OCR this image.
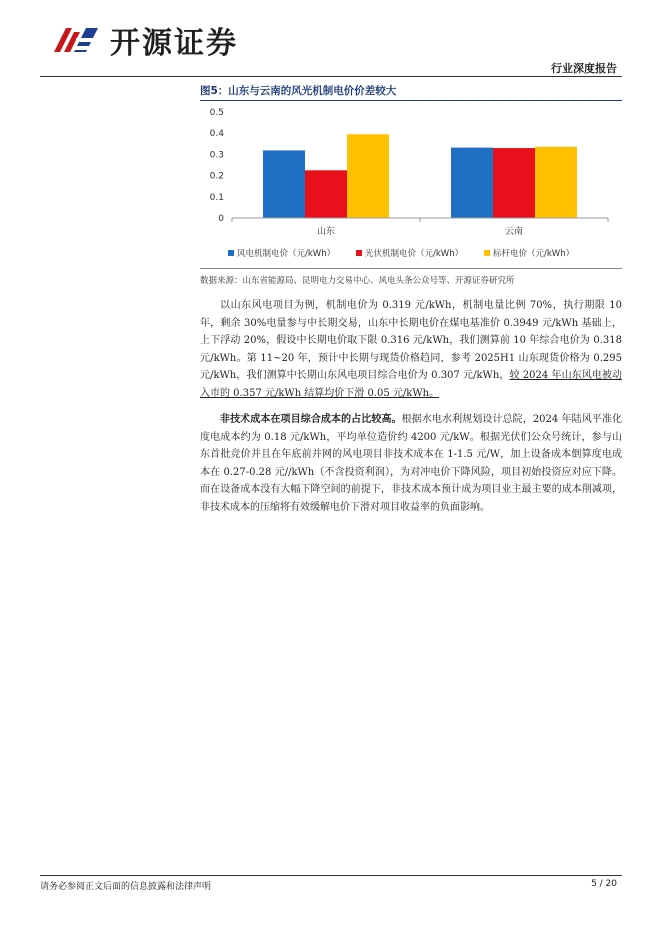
开源证券
行业深度报告
图5：山东与云南的风光机制电价价差较大
0.5
0.4
0.3
0.2
0.1
0
山东	云南
风电机制电价（元/kWh）	光伏机制电价（元/kWh）	标杆电价（元/kWh）
数据来源：山东省能源局、昆明电力交易中心、风电头条公众号等、开源证券研究所

以山东风电项目为例，机制电价为 0.319 元/kWh，机制电量比例 70%，执行期限 10 年，剩余 30%电量参与中长期交易，山东中长期电价在煤电基准价 0.3949 元/kWh 基础上，上下浮动 20%，假设中长期电价取下限 0.316 元/kWh，我们测算前 10 年综合电价为 0.318 元/kWh。第 11~20 年，预计中长期与现货价格趋同，参考 2025H1 山东现货价格为 0.295 元/kWh，我们测算中长期山东风电项目综合电价为 0.307 元/kWh，较 2024 年山东风电被动入市的 0.357 元/kWh 结算均价下滑 0.05 元/kWh。

非技术成本在项目综合成本的占比较高。根据水电水利规划设计总院，2024 年陆风平准化度电成本约为 0.18 元/kWh，平均单位造价约 4200 元/kW。根据光伏们公众号统计，参与山东首批竞价并且在年底前并网的风电项目非技术成本在 1-1.5 元/W，加上设备成本倒算度电成本在 0.27-0.28 元//kWh（不含投资利润），为对冲电价下降风险，项目初始投资应对应下降。而在设备成本没有大幅下降空间的前提下，非技术成本预计成为项目业主最主要的成本削减项，非技术成本的压缩将有效缓解电价下滑对项目收益率的负面影响。

请务必参阅正文后面的信息披露和法律声明	5 / 20
